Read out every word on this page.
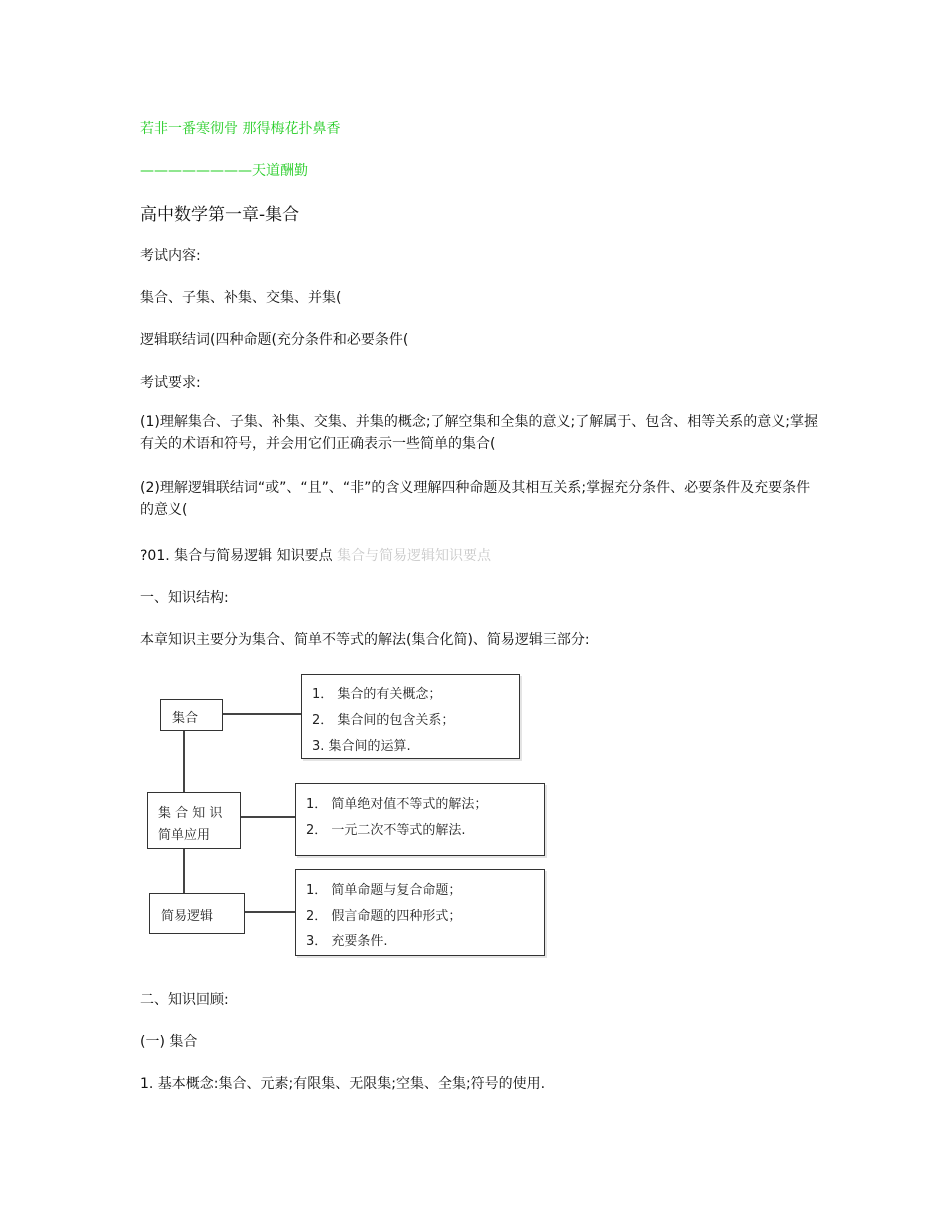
若非一番寒彻骨 那得梅花扑鼻香
————————天道酬勤
高中数学第一章-集合
考试内容:
集合、子集、补集、交集、并集(
逻辑联结词(四种命题(充分条件和必要条件(
考试要求:
(1)理解集合、子集、补集、交集、并集的概念;了解空集和全集的意义;了解属于、包含、相等关系的意义;掌握有关的术语和符号，并会用它们正确表示一些简单的集合(
(2)理解逻辑联结词“或”、“且”、“非”的含义理解四种命题及其相互关系;掌握充分条件、必要条件及充要条件的意义(
?01. 集合与简易逻辑 知识要点 集合与简易逻辑知识要点
一、知识结构:
本章知识主要分为集合、简单不等式的解法(集合化简)、简易逻辑三部分:
集合
集 合 知 识
简单应用
简易逻辑
1． 集合的有关概念；
2． 集合间的包含关系；
3. 集合间的运算.
1． 简单绝对值不等式的解法；
2． 一元二次不等式的解法.
1． 简单命题与复合命题；
2． 假言命题的四种形式；
3． 充要条件.
二、知识回顾:
(一) 集合
1. 基本概念:集合、元素;有限集、无限集;空集、全集;符号的使用.
